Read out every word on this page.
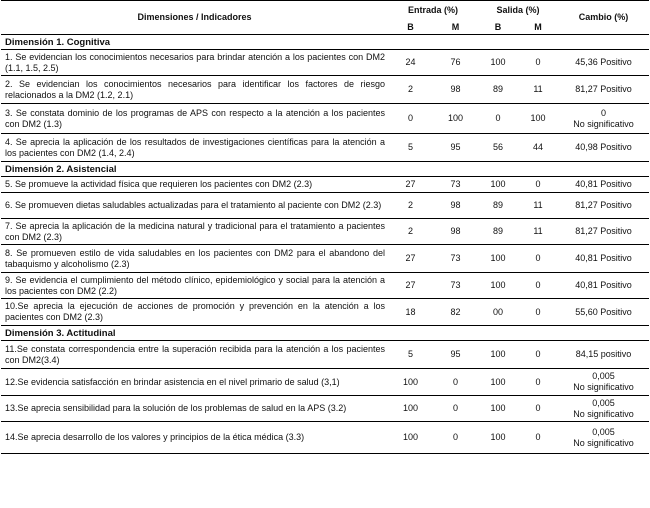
Dimensiones / Indicadores	Entrada (%)		Salida (%)		Cambio (%)
	B	M	B	M	
Dimensión 1. Cognitiva					
1. Se evidencian los conocimientos necesarios para brindar atención a los pacientes con DM2 (1.1, 1.5, 2.5)	24	76	100	0	45,36 Positivo

2. Se evidencian los conocimientos necesarios para identificar los factores de riesgo relacionados a la DM2 (1.2, 2.1)	2	98	89	11	81,27 Positivo

3. Se constata dominio de los programas de APS con respecto a la atención a los pacientes con DM2 (1.3)	0	100	0	100	0
No significativo

4. Se aprecia la aplicación de los resultados de investigaciones científicas para la atención a los pacientes con DM2 (1.4, 2.4)	5	95	56	44	40,98 Positivo

Dimensión 2. Asistencial					
5. Se promueve la actividad física que requieren los pacientes con DM2 (2.3)	27	73	100	0	40,81 Positivo

6. Se promueven dietas saludables actualizadas para el tratamiento al paciente con DM2 (2.3)	2	98	89	11	81,27 Positivo

7. Se aprecia la aplicación de la medicina natural y tradicional para el tratamiento a pacientes con DM2 (2.3)	2	98	89	11	81,27 Positivo

8. Se promueven estilo de vida saludables en los pacientes con DM2 para el abandono del tabaquismo y alcoholismo (2.3)	27	73	100	0	40,81 Positivo

9. Se evidencia el cumplimiento del método clínico, epidemiológico y social para la atención a los pacientes con DM2 (2.2)	27	73	100	0	40,81 Positivo

10.Se aprecia la ejecución de acciones de promoción y prevención en la atención a los pacientes con DM2 (2.3)	18	82	00	0	55,60 Positivo

Dimensión 3. Actitudinal					
11.Se constata correspondencia entre la superación recibida para la atención a los pacientes con DM2(3.4)	5	95	100	0	84,15 positivo

12.Se evidencia satisfacción en brindar asistencia en el nivel primario de salud (3,1)	100	0	100	0	0,005
No significativo

13.Se aprecia sensibilidad para la solución de los problemas de salud en la APS (3.2)	100	0	100	0	0,005
No significativo

14.Se aprecia desarrollo de los valores y principios de la ética médica (3.3)	100	0	100	0	0,005
No significativo
